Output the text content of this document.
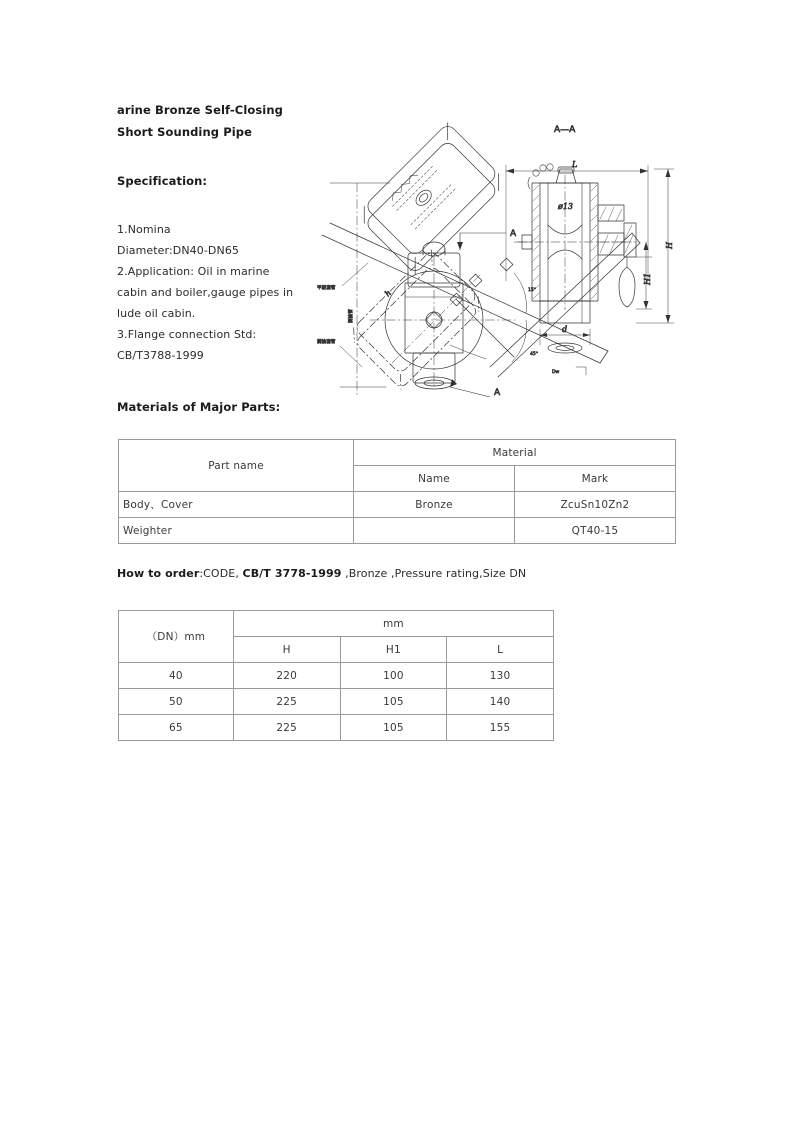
arine Bronze Self-Closing
Short Sounding Pipe
Specification:
1.Nomina
Diameter:DN40-DN65
2.Application: Oil in marine
cabin and boiler,gauge pipes in
lude oil cabin.
3.Flange connection Std:
CB/T3788-1999
15°
45°
A
A
甲板套管
测油套管
测油管
h
A—A
L
ø13
d
Dw
H
H1
Materials of Major Parts:
Part name	Material	
	Name	Mark
Body、Cover	Bronze	ZcuSn10Zn2
Weighter		QT40-15
How to order:CODE, CB/T 3778-1999 ,Bronze ,Pressure rating,Size DN
（DN）mm	mm		
	H	H1	L
40	220	100	130
50	225	105	140
65	225	105	155
